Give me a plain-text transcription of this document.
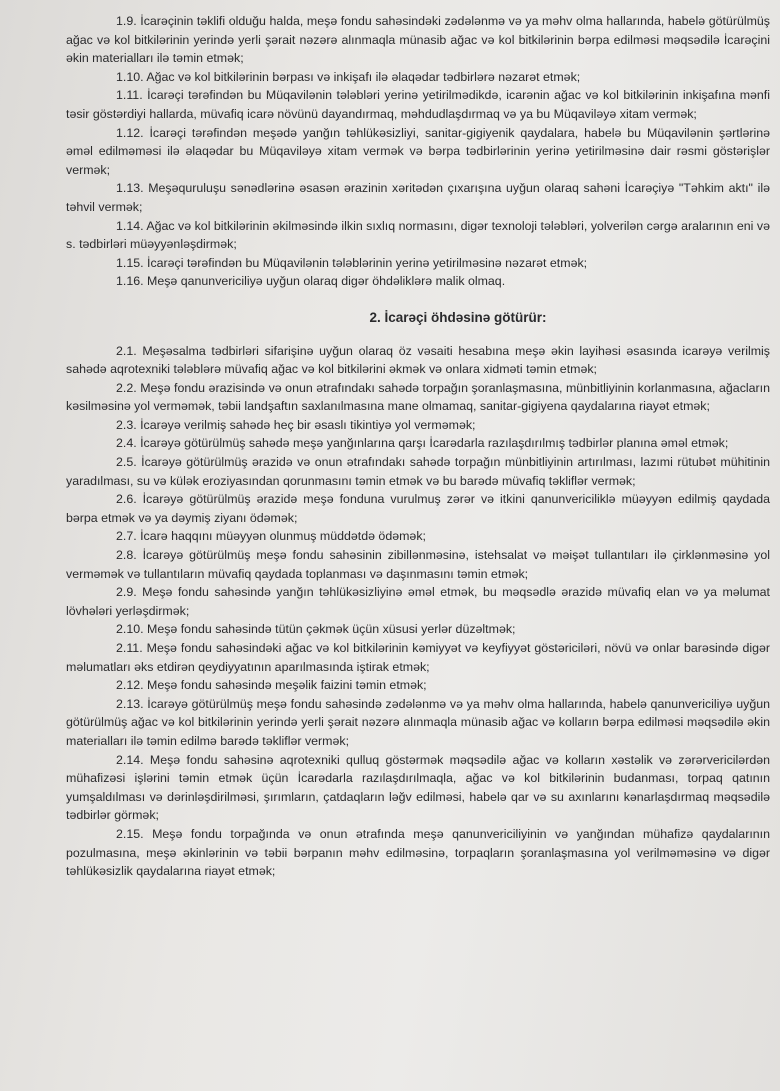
1.9. İcarəçinin təklifi olduğu halda, meşə fondu sahəsindəki zədələnmə və ya məhv olma hallarında, habelə götürülmüş ağac və kol bitkilərinin yerində yerli şərait nəzərə alınmaqla münasib ağac və kol bitkilərinin bərpa edilməsi məqsədilə İcarəçini əkin materialları ilə təmin etmək;

1.10. Ağac və kol bitkilərinin bərpası və inkişafı ilə əlaqədar tədbirlərə nəzarət etmək;

1.11. İcarəçi tərəfindən bu Müqavilənin tələbləri yerinə yetirilmədikdə, icarənin ağac və kol bitkilərinin inkişafına mənfi təsir göstərdiyi hallarda, müvafiq icarə növünü dayandırmaq, məhdudlaşdırmaq və ya bu Müqaviləyə xitam vermək;

1.12. İcarəçi tərəfindən meşədə yanğın təhlükəsizliyi, sanitar-gigiyenik qaydalara, habelə bu Müqavilənin şərtlərinə əməl edilməməsi ilə əlaqədar bu Müqaviləyə xitam vermək və bərpa tədbirlərinin yerinə yetirilməsinə dair rəsmi göstərişlər vermək;

1.13. Meşəquruluşu sənədlərinə əsasən ərazinin xəritədən çıxarışına uyğun olaraq sahəni İcarəçiyə "Təhkim aktı" ilə təhvil vermək;

1.14. Ağac və kol bitkilərinin əkilməsində ilkin sıxlıq normasını, digər texnoloji tələbləri, yolverilən cərgə aralarının eni və s. tədbirləri müəyyənləşdirmək;

1.15. İcarəçi tərəfindən bu Müqavilənin tələblərinin yerinə yetirilməsinə nəzarət etmək;

1.16. Meşə qanunvericiliyə uyğun olaraq digər öhdəliklərə malik olmaq.

2. İcarəçi öhdəsinə götürür:

2.1. Meşəsalma tədbirləri sifarişinə uyğun olaraq öz vəsaiti hesabına meşə əkin layihəsi əsasında icarəyə verilmiş sahədə aqrotexniki tələblərə müvafiq ağac və kol bitkilərini əkmək və onlara xidməti təmin etmək;

2.2. Meşə fondu ərazisində və onun ətrafındakı sahədə torpağın şoranlaşmasına, münbitliyinin korlanmasına, ağacların kəsilməsinə yol verməmək, təbii landşaftın saxlanılmasına mane olmamaq, sanitar-gigiyena qaydalarına riayət etmək;

2.3. İcarəyə verilmiş sahədə heç bir əsaslı tikintiyə yol verməmək;

2.4. İcarəyə götürülmüş sahədə meşə yanğınlarına qarşı İcarədarla razılaşdırılmış tədbirlər planına əməl etmək;

2.5. İcarəyə götürülmüş ərazidə və onun ətrafındakı sahədə torpağın münbitliyinin artırılması, lazımi rütubət mühitinin yaradılması, su və külək eroziyasından qorunmasını təmin etmək və bu barədə müvafiq təkliflər vermək;

2.6. İcarəyə götürülmüş ərazidə meşə fonduna vurulmuş zərər və itkini qanunvericiliklə müəyyən edilmiş qaydada bərpa etmək və ya dəymiş ziyanı ödəmək;

2.7. İcarə haqqını müəyyən olunmuş müddətdə ödəmək;

2.8. İcarəyə götürülmüş meşə fondu sahəsinin zibillənməsinə, istehsalat və məişət tullantıları ilə çirklənməsinə yol verməmək və tullantıların müvafiq qaydada toplanması və daşınmasını təmin etmək;

2.9. Meşə fondu sahəsində yanğın təhlükəsizliyinə əməl etmək, bu məqsədlə ərazidə müvafiq elan və ya məlumat lövhələri yerləşdirmək;

2.10. Meşə fondu sahəsində tütün çəkmək üçün xüsusi yerlər düzəltmək;

2.11. Meşə fondu sahəsindəki ağac və kol bitkilərinin kəmiyyət və keyfiyyət göstəriciləri, növü və onlar barəsində digər məlumatları əks etdirən qeydiyyatının aparılmasında iştirak etmək;

2.12. Meşə fondu sahəsində meşəlik faizini təmin etmək;

2.13. İcarəyə götürülmüş meşə fondu sahəsində zədələnmə və ya məhv olma hallarında, habelə qanunvericiliyə uyğun götürülmüş ağac və kol bitkilərinin yerində yerli şərait nəzərə alınmaqla münasib ağac və kolların bərpa edilməsi məqsədilə əkin materialları ilə təmin edilmə barədə təkliflər vermək;

2.14. Meşə fondu sahəsinə aqrotexniki qulluq göstərmək məqsədilə ağac və kolların xəstəlik və zərərvericilərdən mühafizəsi işlərini təmin etmək üçün İcarədarla razılaşdırılmaqla, ağac və kol bitkilərinin budanması, torpaq qatının yumşaldılması və dərinləşdirilməsi, şırımların, çatdaqların ləğv edilməsi, habelə qar və su axınlarını kənarlaşdırmaq məqsədilə tədbirlər görmək;

2.15. Meşə fondu torpağında və onun ətrafında meşə qanunvericiliyinin və yanğından mühafizə qaydalarının pozulmasına, meşə əkinlərinin və təbii bərpanın məhv edilməsinə, torpaqların şoranlaşmasına yol verilməməsinə və digər təhlükəsizlik qaydalarına riayət etmək;
